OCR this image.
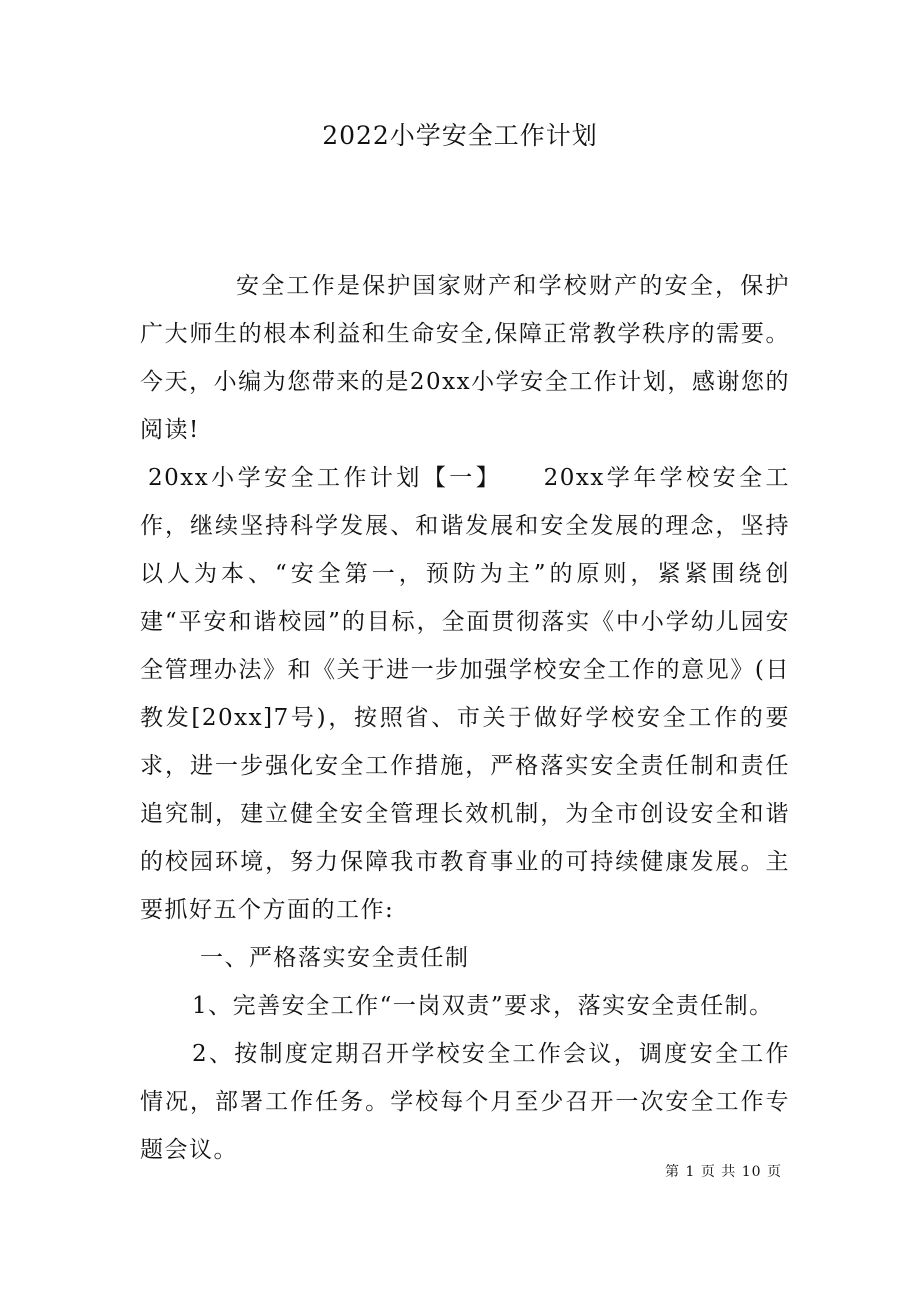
2022小学安全工作计划

安全工作是保护国家财产和学校财产的安全，保护广大师生的根本利益和生命安全,保障正常教学秩序的需要。今天，小编为您带来的是20xx小学安全工作计划，感谢您的阅读!

20xx小学安全工作计划【一】　　20xx学年学校安全工作，继续坚持科学发展、和谐发展和安全发展的理念，坚持以人为本、“安全第一，预防为主”的原则，紧紧围绕创建“平安和谐校园”的目标，全面贯彻落实《中小学幼儿园安全管理办法》和《关于进一步加强学校安全工作的意见》(日教发[20xx]7号)，按照省、市关于做好学校安全工作的要求，进一步强化安全工作措施，严格落实安全责任制和责任追究制，建立健全安全管理长效机制，为全市创设安全和谐的校园环境，努力保障我市教育事业的可持续健康发展。主要抓好五个方面的工作:

一、严格落实安全责任制

1、完善安全工作“一岗双责”要求，落实安全责任制。

2、按制度定期召开学校安全工作会议，调度安全工作情况，部署工作任务。学校每个月至少召开一次安全工作专题会议。

第 1 页 共 10 页
